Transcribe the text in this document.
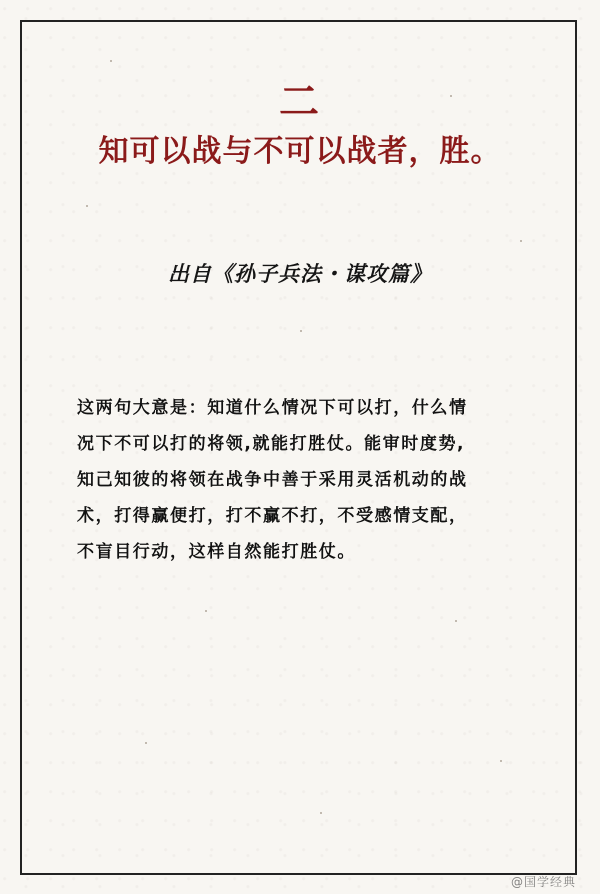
二
知可以战与不可以战者，胜。
出自《孙子兵法・谋攻篇》
这两句大意是：知道什么情况下可以打，什么情
况下不可以打的将领,就能打胜仗。能审时度势,
知己知彼的将领在战争中善于采用灵活机动的战
术，打得赢便打，打不赢不打，不受感情支配，
不盲目行动，这样自然能打胜仗。
@国学经典
